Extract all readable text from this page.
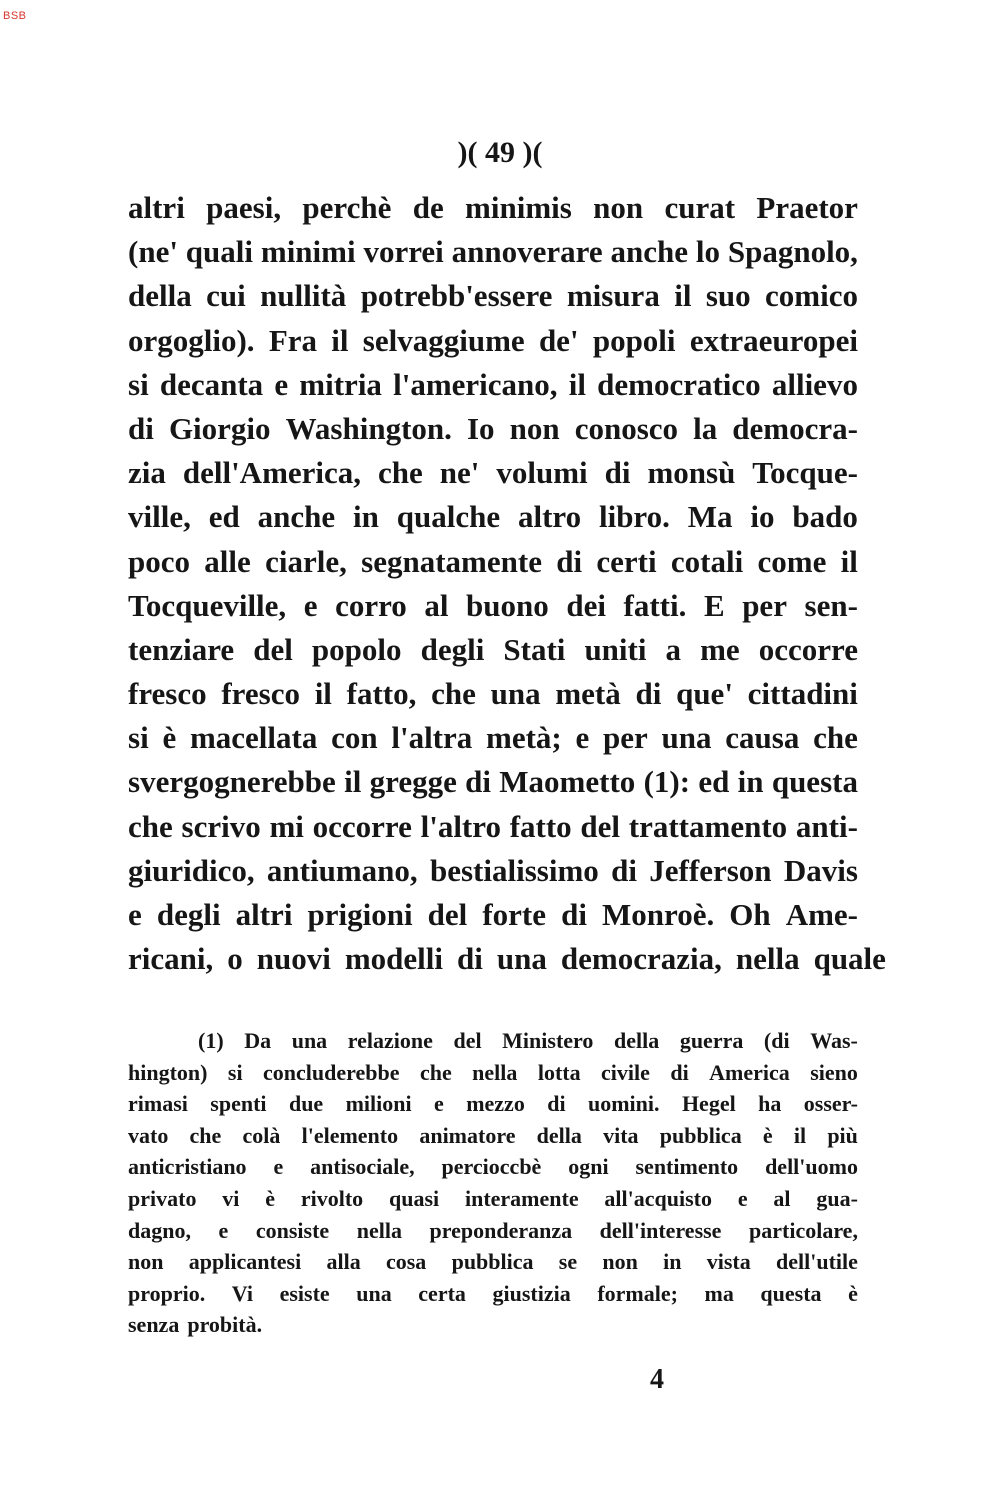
BSB
)( 49 )(
altri paesi, perchè de minimis non curat Praetor
(ne' quali minimi vorrei annoverare anche lo Spagnolo,
della cui nullità potrebb'essere misura il suo comico
orgoglio). Fra il selvaggiume de' popoli extraeuropei
si decanta e mitria l'americano, il democratico allievo
di Giorgio Washington. Io non conosco la democra-
zia dell'America, che ne' volumi di monsù Tocque-
ville, ed anche in qualche altro libro. Ma io bado
poco alle ciarle, segnatamente di certi cotali come il
Tocqueville, e corro al buono dei fatti. E per sen-
tenziare del popolo degli Stati uniti a me occorre
fresco fresco il fatto, che una metà di que' cittadini
si è macellata con l'altra metà; e per una causa che
svergognerebbe il gregge di Maometto (1): ed in questa
che scrivo mi occorre l'altro fatto del trattamento anti-
giuridico, antiumano, bestialissimo di Jefferson Davis
e degli altri prigioni del forte di Monroè. Oh Ame-
ricani, o nuovi modelli di una democrazia, nella quale
(1) Da una relazione del Ministero della guerra (di Was-
hington) si concluderebbe che nella lotta civile di America sieno
rimasi spenti due milioni e mezzo di uomini. Hegel ha osser-
vato che colà l'elemento animatore della vita pubblica è il più
anticristiano e antisociale, percioccbè ogni sentimento dell'uomo
privato vi è rivolto quasi interamente all'acquisto e al gua-
dagno, e consiste nella preponderanza dell'interesse particolare,
non applicantesi alla cosa pubblica se non in vista dell'utile
proprio. Vi esiste una certa giustizia formale; ma questa è
senza probità.
4
